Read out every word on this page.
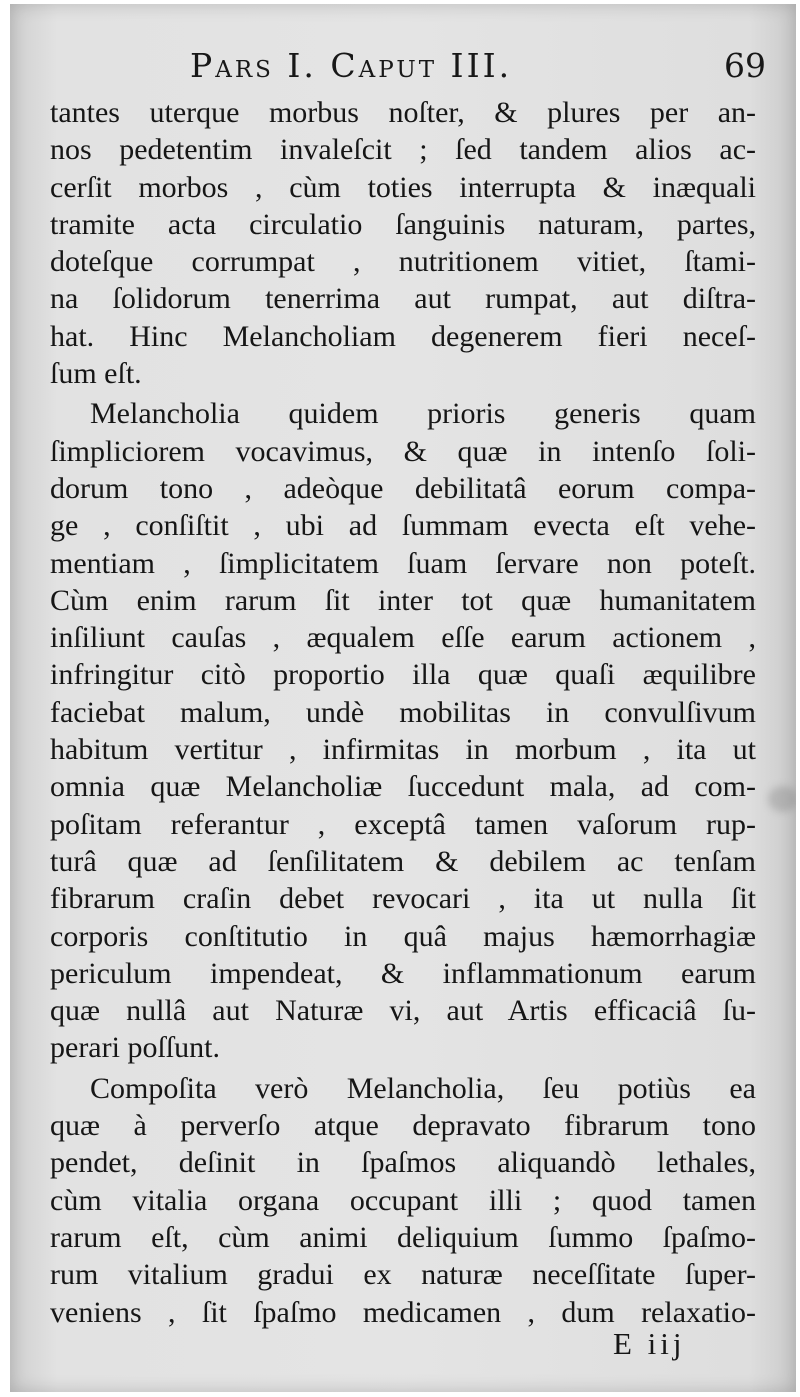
Pars I. Caput III.	69
tantes uterque morbus noſter, & plures per an-
nos pedetentim invaleſcit ; ſed tandem alios ac-
cerſit morbos , cùm toties interrupta & inæquali
tramite acta circulatio ſanguinis naturam, partes,
doteſque corrumpat , nutritionem vitiet, ſtami-
na ſolidorum tenerrima aut rumpat, aut diſtra-
hat. Hinc Melancholiam degenerem fieri neceſ-
ſum eſt.
Melancholia quidem prioris generis quam
ſimpliciorem vocavimus, & quæ in intenſo ſoli-
dorum tono , adeòque debilitatâ eorum compa-
ge , conſiſtit , ubi ad ſummam evecta eſt vehe-
mentiam , ſimplicitatem ſuam ſervare non poteſt.
Cùm enim rarum ſit inter tot quæ humanitatem
inſiliunt cauſas , æqualem eſſe earum actionem ,
infringitur citò proportio illa quæ quaſi æquilibre
faciebat malum, undè mobilitas in convulſivum
habitum vertitur , infirmitas in morbum , ita ut
omnia quæ Melancholiæ ſuccedunt mala, ad com-
poſitam referantur , exceptâ tamen vaſorum rup-
turâ quæ ad ſenſilitatem & debilem ac tenſam
fibrarum craſin debet revocari , ita ut nulla ſit
corporis conſtitutio in quâ majus hæmorrhagiæ
periculum impendeat, & inflammationum earum
quæ nullâ aut Naturæ vi, aut Artis efficaciâ ſu-
perari poſſunt.
Compoſita verò Melancholia, ſeu potiùs ea
quæ à perverſo atque depravato fibrarum tono
pendet, deſinit in ſpaſmos aliquandò lethales,
cùm vitalia organa occupant illi ; quod tamen
rarum eſt, cùm animi deliquium ſummo ſpaſmo-
rum vitalium gradui ex naturæ neceſſitate ſuper-
veniens , ſit ſpaſmo medicamen , dum relaxatio-
E iij
